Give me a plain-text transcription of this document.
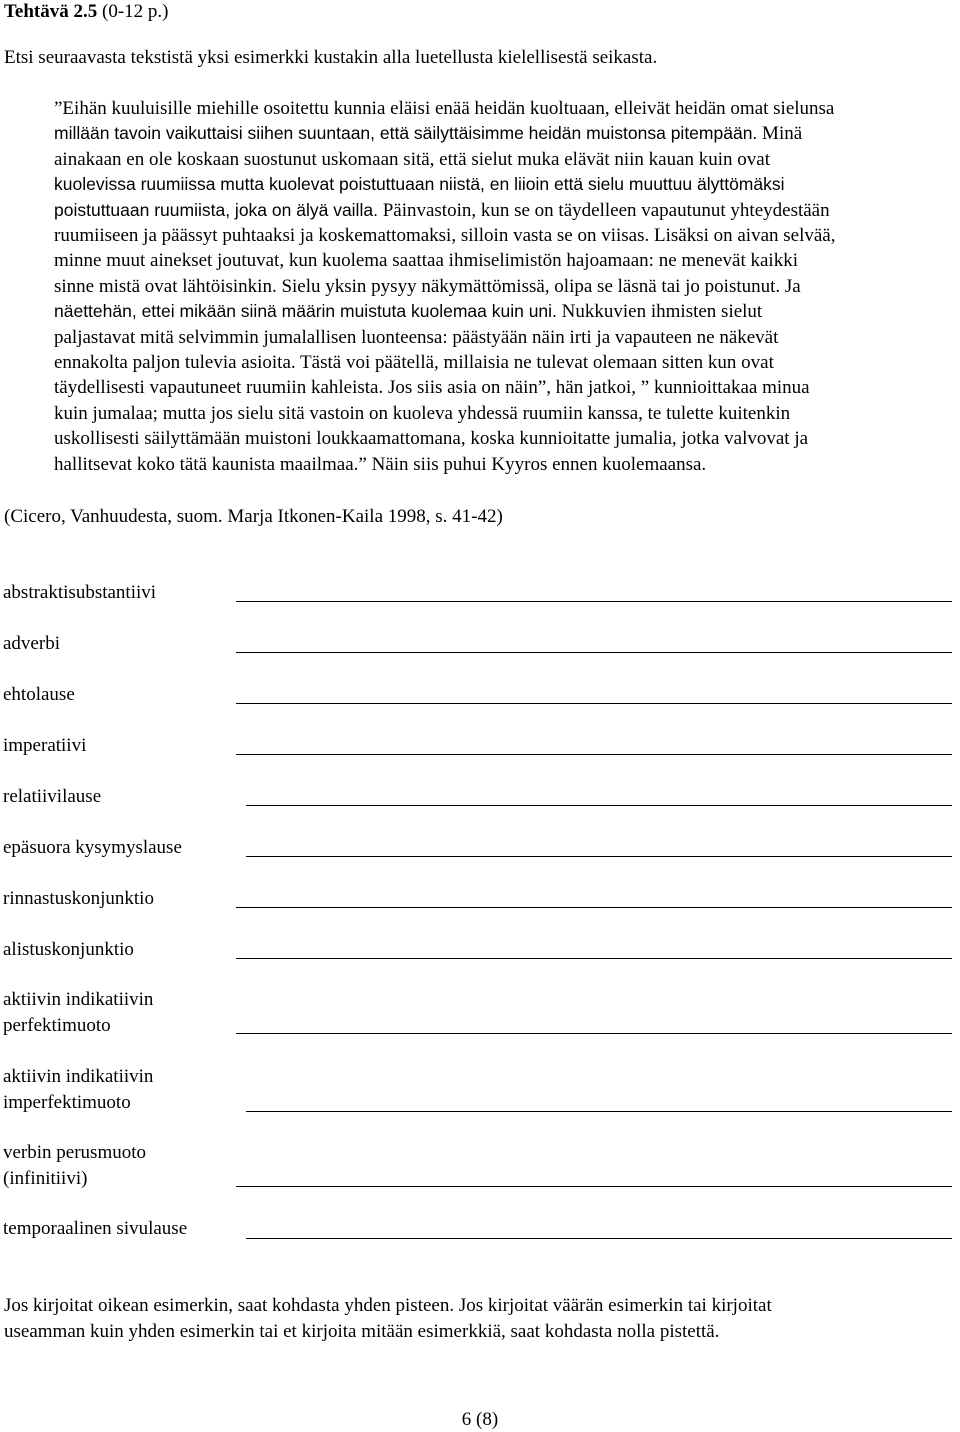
Tehtävä 2.5 (0-12 p.)
Etsi seuraavasta tekstistä yksi esimerkki kustakin alla luetellusta kielellisestä seikasta.
”Eihän kuuluisille miehille osoitettu kunnia eläisi enää heidän kuoltuaan, elleivät heidän omat sielunsa
millään tavoin vaikuttaisi siihen suuntaan, että säilyttäisimme heidän muistonsa pitempään. Minä
ainakaan en ole koskaan suostunut uskomaan sitä, että sielut muka elävät niin kauan kuin ovat
kuolevissa ruumiissa mutta kuolevat poistuttuaan niistä, en liioin että sielu muuttuu älyttömäksi
poistuttuaan ruumiista, joka on älyä vailla. Päinvastoin, kun se on täydelleen vapautunut yhteydestään
ruumiiseen ja päässyt puhtaaksi ja koskemattomaksi, silloin vasta se on viisas. Lisäksi on aivan selvää,
minne muut ainekset joutuvat, kun kuolema saattaa ihmiselimistön hajoamaan: ne menevät kaikki
sinne mistä ovat lähtöisinkin. Sielu yksin pysyy näkymättömissä, olipa se läsnä tai jo poistunut. Ja
näettehän, ettei mikään siinä määrin muistuta kuolemaa kuin uni. Nukkuvien ihmisten sielut
paljastavat mitä selvimmin jumalallisen luonteensa: päästyään näin irti ja vapauteen ne näkevät
ennakolta paljon tulevia asioita. Tästä voi päätellä, millaisia ne tulevat olemaan sitten kun ovat
täydellisesti vapautuneet ruumiin kahleista. Jos siis asia on näin”, hän jatkoi, ” kunnioittakaa minua
kuin jumalaa; mutta jos sielu sitä vastoin on kuoleva yhdessä ruumiin kanssa, te tulette kuitenkin
uskollisesti säilyttämään muistoni loukkaamattomana, koska kunnioitatte jumalia, jotka valvovat ja
hallitsevat koko tätä kaunista maailmaa.” Näin siis puhui Kyyros ennen kuolemaansa.
(Cicero, Vanhuudesta, suom. Marja Itkonen-Kaila 1998, s. 41-42)
abstraktisubstantiivi
adverbi
ehtolause
imperatiivi
relatiivilause
epäsuora kysymyslause
rinnastuskonjunktio
alistuskonjunktio
aktiivin indikatiivin
perfektimuoto
aktiivin indikatiivin
imperfektimuoto
verbin perusmuoto
(infinitiivi)
temporaalinen sivulause
Jos kirjoitat oikean esimerkin, saat kohdasta yhden pisteen. Jos kirjoitat väärän esimerkin tai kirjoitat
useamman kuin yhden esimerkin tai et kirjoita mitään esimerkkiä, saat kohdasta nolla pistettä.
6 (8)
